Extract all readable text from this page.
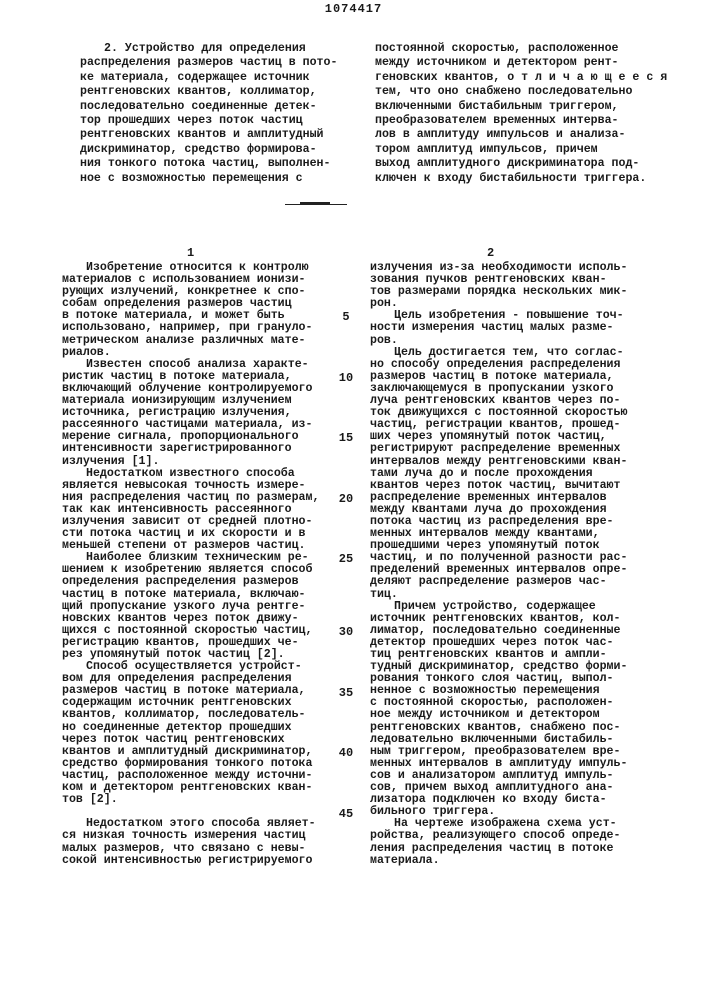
1074417
2. Устройство для определения
распределения размеров частиц в пото-
ке материала, содержащее источник
рентгеновских квантов, коллиматор,
последовательно соединенные детек-
тор прошедших через поток частиц
рентгеновских квантов и амплитудный
дискриминатор, средство формирова-
ния тонкого потока частиц, выполнен-
ное с возможностью перемещения с
постоянной скоростью, расположенное
между источником и детектором рент-
геновских квантов, о т л и ч а ю щ е е с я
тем, что оно снабжено последовательно
включенными бистабильным триггером,
преобразователем временных интерва-
лов в амплитуду импульсов и анализа-
тором амплитуд импульсов, причем
выход амплитудного дискриминатора под-
ключен к входу бистабильности триггера.
1	2
Изобретение относится к контролю
материалов с использованием ионизи-
рующих излучений, конкретнее к спо-
собам определения размеров частиц
в потоке материала, и может быть
использовано, например, при грануло-
метрическом анализе различных мате-
риалов.
Известен способ анализа характе-
ристик частиц в потоке материала,
включающий облучение контролируемого
материала ионизирующим излучением
источника, регистрацию излучения,
рассеянного частицами материала, из-
мерение сигнала, пропорционального
интенсивности зарегистрированного
излучения [1].
Недостатком известного способа
является невысокая точность измере-
ния распределения частиц по размерам,
так как интенсивность рассеянного
излучения зависит от средней плотно-
сти потока частиц и их скорости и в
меньшей степени от размеров частиц.
Наиболее близким техническим ре-
шением к изобретению является способ
определения распределения размеров
частиц в потоке материала, включаю-
щий пропускание узкого луча рентге-
новских квантов через поток движу-
щихся с постоянной скоростью частиц,
регистрацию квантов, прошедших че-
рез упомянутый поток частиц [2].
Способ осуществляется устройст-
вом для определения распределения
размеров частиц в потоке материала,
содержащим источник рентгеновских
квантов, коллиматор, последователь-
но соединенные детектор прошедших
через поток частиц рентгеновских
квантов и амплитудный дискриминатор,
средство формирования тонкого потока
частиц, расположенное между источни-
ком и детектором рентгеновских кван-
тов [2].
Недостатком этого способа являет-
ся низкая точность измерения частиц
малых размеров, что связано с невы-
сокой интенсивностью регистрируемого
излучения из-за необходимости исполь-
зования пучков рентгеновских кван-
тов размерами порядка нескольких мик-
рон.
Цель изобретения - повышение точ-
ности измерения частиц малых разме-
ров.
Цель достигается тем, что соглас-
но способу определения распределения
размеров частиц в потоке материала,
заключающемуся в пропускании узкого
луча рентгеновских квантов через по-
ток движущихся с постоянной скоростью
частиц, регистрации квантов, прошед-
ших через упомянутый поток частиц,
регистрируют распределение временных
интервалов между рентгеновскими кван-
тами луча до и после прохождения
квантов через поток частиц, вычитают
распределение временных интервалов
между квантами луча до прохождения
потока частиц из распределения вре-
менных интервалов между квантами,
прошедшими через упомянутый поток
частиц, и по полученной разности рас-
пределений временных интервалов опре-
деляют распределение размеров час-
тиц.
Причем устройство, содержащее
источник рентгеновских квантов, кол-
лиматор, последовательно соединенные
детектор прошедших через поток час-
тиц рентгеновских квантов и ампли-
тудный дискриминатор, средство форми-
рования тонкого слоя частиц, выпол-
ненное с возможностью перемещения
с постоянной скоростью, расположен-
ное между источником и детектором
рентгеновских квантов, снабжено пос-
ледовательно включенными бистабиль-
ным триггером, преобразователем вре-
менных интервалов в амплитуду импуль-
сов и анализатором амплитуд импуль-
сов, причем выход амплитудного ана-
лизатора подключен ко входу биста-
бильного триггера.
На чертеже изображена схема уст-
ройства, реализующего способ опреде-
ления распределения частиц в потоке
материала.
5
10
15
20
25
30
35
40
45
